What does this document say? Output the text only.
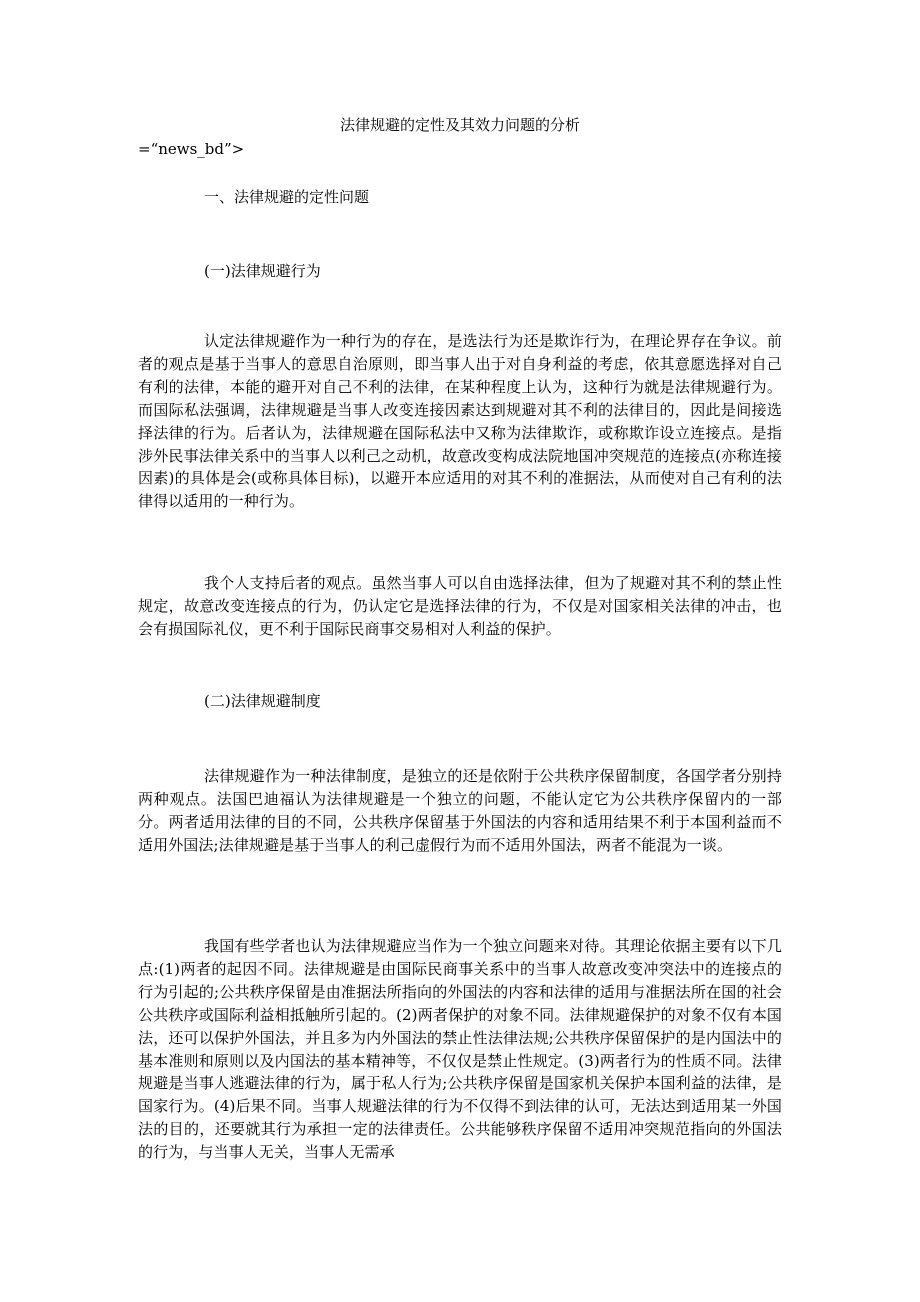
法律规避的定性及其效力问题的分析

=“news_bd”>

一、法律规避的定性问题
(一)法律规避行为

认定法律规避作为一种行为的存在，是选法行为还是欺诈行为，在理论界存在争议。前者的观点是基于当事人的意思自治原则，即当事人出于对自身利益的考虑，依其意愿选择对自己有利的法律，本能的避开对自己不利的法律，在某种程度上认为，这种行为就是法律规避行为。而国际私法强调，法律规避是当事人改变连接因素达到规避对其不利的法律目的，因此是间接选择法律的行为。后者认为，法律规避在国际私法中又称为法律欺诈，或称欺诈设立连接点。是指涉外民事法律关系中的当事人以利己之动机，故意改变构成法院地国冲突规范的连接点(亦称连接因素)的具体是会(或称具体目标)，以避开本应适用的对其不利的准据法，从而使对自己有利的法律得以适用的一种行为。

我个人支持后者的观点。虽然当事人可以自由选择法律，但为了规避对其不利的禁止性规定，故意改变连接点的行为，仍认定它是选择法律的行为，不仅是对国家相关法律的冲击，也会有损国际礼仪，更不利于国际民商事交易相对人利益的保护。

(二)法律规避制度

法律规避作为一种法律制度，是独立的还是依附于公共秩序保留制度，各国学者分别持两种观点。法国巴迪福认为法律规避是一个独立的问题，不能认定它为公共秩序保留内的一部分。两者适用法律的目的不同，公共秩序保留基于外国法的内容和适用结果不利于本国利益而不适用外国法;法律规避是基于当事人的利己虚假行为而不适用外国法，两者不能混为一谈。

我国有些学者也认为法律规避应当作为一个独立问题来对待。其理论依据主要有以下几点:(1)两者的起因不同。法律规避是由国际民商事关系中的当事人故意改变冲突法中的连接点的行为引起的;公共秩序保留是由准据法所指向的外国法的内容和法律的适用与准据法所在国的社会公共秩序或国际利益相抵触所引起的。(2)两者保护的对象不同。法律规避保护的对象不仅有本国法，还可以保护外国法，并且多为内外国法的禁止性法律法规;公共秩序保留保护的是内国法中的基本准则和原则以及内国法的基本精神等，不仅仅是禁止性规定。(3)两者行为的性质不同。法律规避是当事人逃避法律的行为，属于私人行为;公共秩序保留是国家机关保护本国利益的法律，是国家行为。(4)后果不同。当事人规避法律的行为不仅得不到法律的认可，无法达到适用某一外国法的目的，还要就其行为承担一定的法律责任。公共能够秩序保留不适用冲突规范指向的外国法的行为，与当事人无关，当事人无需承
